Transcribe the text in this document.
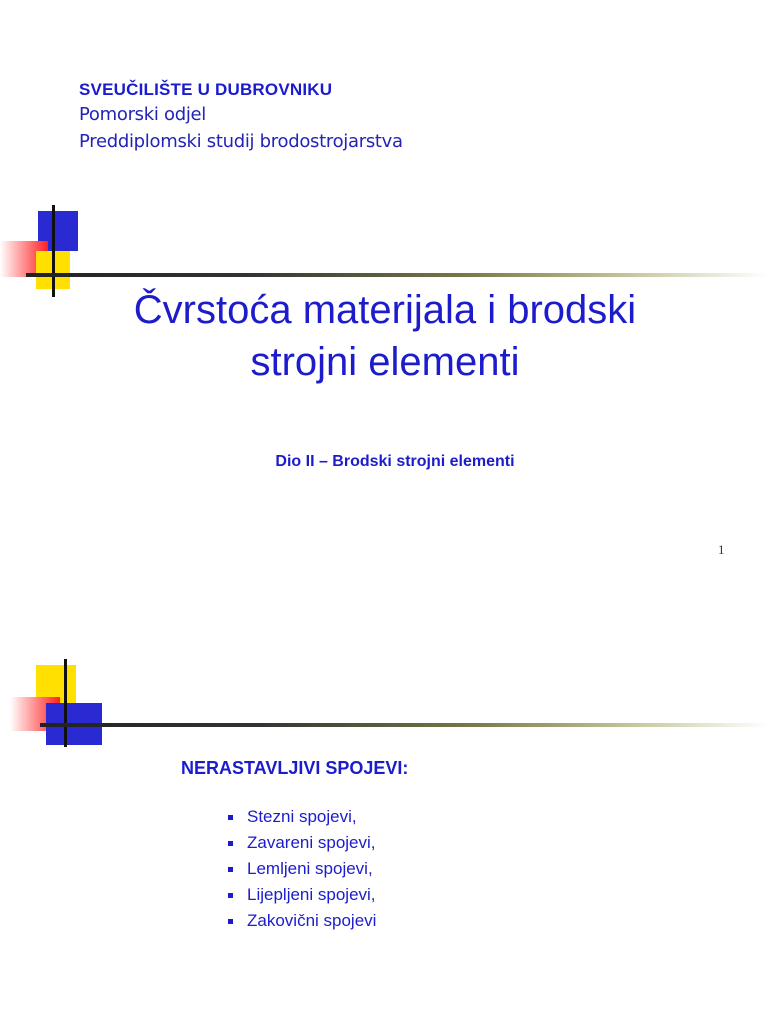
SVEUČILIŠTE U DUBROVNIKU
Pomorski odjel
Preddiplomski studij brodostrojarstva
Čvrstoća materijala i brodski
strojni elementi
Dio II – Brodski strojni elementi
1
NERASTAVLJIVI SPOJEVI:
Stezni spojevi,
Zavareni spojevi,
Lemljeni spojevi,
Lijepljeni spojevi,
Zakovični spojevi
